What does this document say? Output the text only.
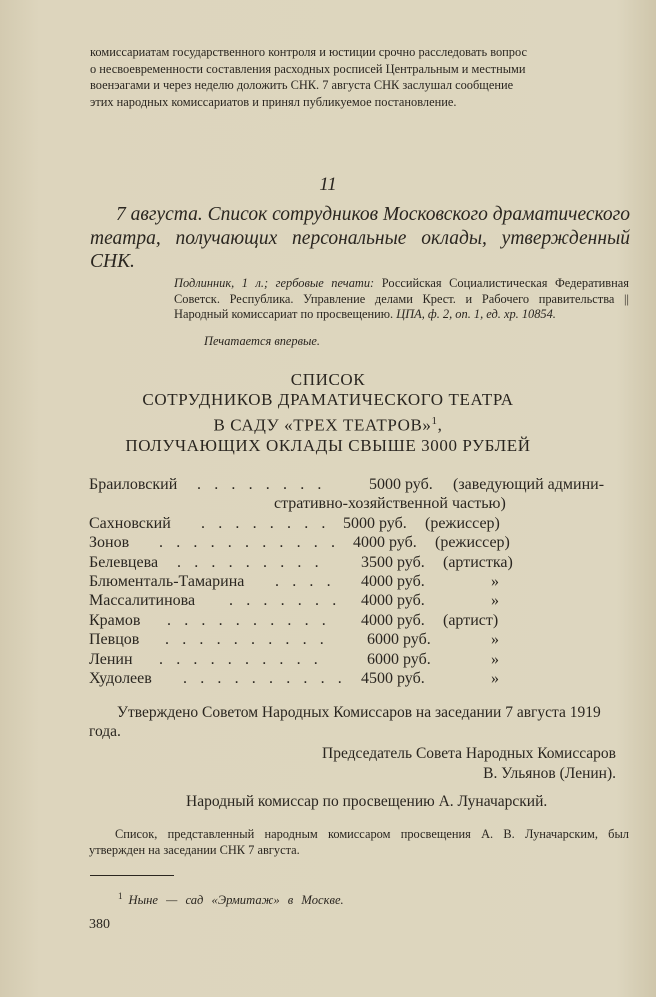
комиссариатам государственного контроля и юстиции срочно расследовать вопрос

о несвоевременности составления расходных росписей Центральным и местными

военэагами и через неделю доложить СНК. 7 августа СНК заслушал сообщение

этих народных комиссариатов и принял публикуемое постановление.

11

7 августа. Список сотрудников Московского драматического театра, получающих персональные оклады, утвержденный СНК.

Подлинник, 1 л.; гербовые печати: Российская Социалистическая Федеративная Советск. Республика. Управление делами Крест. и Рабочего правительства || Народный комиссариат по просвещению. ЦПА, ф. 2, оп. 1, ед. хр. 10854.

Печатается впервые.

СПИСОК
СОТРУДНИКОВ ДРАМАТИЧЕСКОГО ТЕАТРА
В САДУ «ТРЕХ ТЕАТРОВ»$^1$,
ПОЛУЧАЮЩИХ ОКЛАДЫ СВЫШЕ 3000 РУБЛЕЙ
Браиловский . . . . . . . .	5000 руб. (заведующий админи-
стративно-хозяйственной частью)
Сахновский . . . . . . . . 5000 руб. (режиссер)
Зонов . . . . . . . . . . . 4000 руб. (режиссер)
Белевцева . . . . . . . . . 3500 руб. (артистка)
Блюменталь-Тамарина . . . . 4000 руб.	»
Массалитинова . . . . . . . 4000 руб.	»
Крамов . . . . . . . . . . 4000 руб. (артист)
Певцов . . . . . . . . . . 6000 руб.	»
Ленин . . . . . . . . . .	6000 руб.	»
Худолеев . . . . . . . . . . 4500 руб.	»

Утверждено Советом Народных Комиссаров на заседании 7 августа 1919 года.

Председатель Совета Народных Комиссаров
В. Ульянов (Ленин).

Народный комиссар по просвещению А. Луначарский.

Список, представленный народным комиссаром просвещения А. В. Луначарским, был утвержден на заседании СНК 7 августа.

$^1$ Ныне — сад «Эрмитаж» в Москве.

380
